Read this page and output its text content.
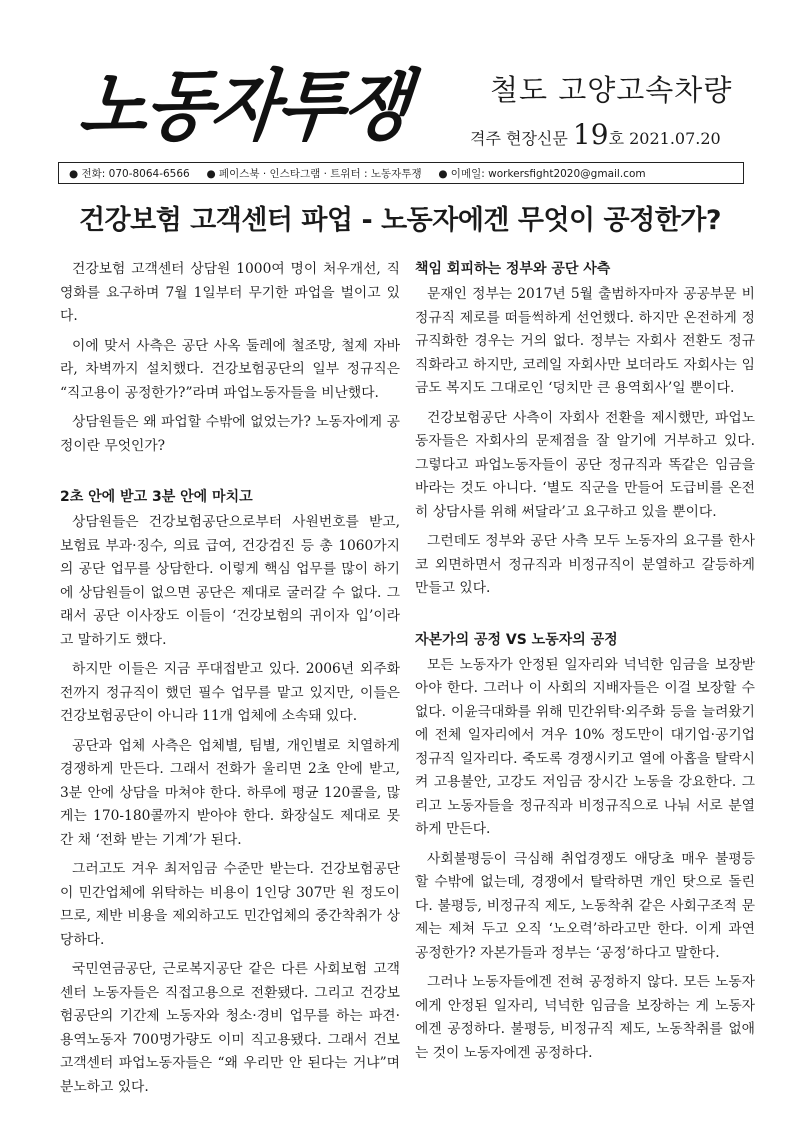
노동자투쟁	철도 고양고속차량
격주 현장신문 19호 2021.07.20
● 전화: 070-8064-6566 ● 페이스북 · 인스타그램 · 트위터 : 노동자투쟁 ● 이메일: workersfight2020@gmail.com
건강보험 고객센터 파업 - 노동자에겐 무엇이 공정한가?

건강보험 고객센터 상담원 1000여 명이 처우개선, 직영화를 요구하며 7월 1일부터 무기한 파업을 벌이고 있다.

이에 맞서 사측은 공단 사옥 둘레에 철조망, 철제 자바라, 차벽까지 설치했다. 건강보험공단의 일부 정규직은 “직고용이 공정한가?”라며 파업노동자들을 비난했다.

상담원들은 왜 파업할 수밖에 없었는가? 노동자에게 공정이란 무엇인가?

2초 안에 받고 3분 안에 마치고

상담원들은 건강보험공단으로부터 사원번호를 받고, 보험료 부과·징수, 의료 급여, 건강검진 등 총 1060가지의 공단 업무를 상담한다. 이렇게 핵심 업무를 많이 하기에 상담원들이 없으면 공단은 제대로 굴러갈 수 없다. 그래서 공단 이사장도 이들이 ‘건강보험의 귀이자 입’이라고 말하기도 했다.

하지만 이들은 지금 푸대접받고 있다. 2006년 외주화 전까지 정규직이 했던 필수 업무를 맡고 있지만, 이들은 건강보험공단이 아니라 11개 업체에 소속돼 있다.

공단과 업체 사측은 업체별, 팀별, 개인별로 치열하게 경쟁하게 만든다. 그래서 전화가 울리면 2초 안에 받고, 3분 안에 상담을 마쳐야 한다. 하루에 평균 120콜을, 많게는 170-180콜까지 받아야 한다. 화장실도 제대로 못 간 채 ‘전화 받는 기계’가 된다.

그러고도 겨우 최저임금 수준만 받는다. 건강보험공단이 민간업체에 위탁하는 비용이 1인당 307만 원 정도이므로, 제반 비용을 제외하고도 민간업체의 중간착취가 상당하다.

국민연금공단, 근로복지공단 같은 다른 사회보험 고객센터 노동자들은 직접고용으로 전환됐다. 그리고 건강보험공단의 기간제 노동자와 청소·경비 업무를 하는 파견·용역노동자 700명가량도 이미 직고용됐다. 그래서 건보 고객센터 파업노동자들은 “왜 우리만 안 된다는 거냐”며 분노하고 있다.

책임 회피하는 정부와 공단 사측

문재인 정부는 2017년 5월 출범하자마자 공공부문 비정규직 제로를 떠들썩하게 선언했다. 하지만 온전하게 정규직화한 경우는 거의 없다. 정부는 자회사 전환도 정규직화라고 하지만, 코레일 자회사만 보더라도 자회사는 임금도 복지도 그대로인 ‘덩치만 큰 용역회사’일 뿐이다.

건강보험공단 사측이 자회사 전환을 제시했만, 파업노동자들은 자회사의 문제점을 잘 알기에 거부하고 있다. 그렇다고 파업노동자들이 공단 정규직과 똑같은 임금을 바라는 것도 아니다. ‘별도 직군을 만들어 도급비를 온전히 상담사를 위해 써달라’고 요구하고 있을 뿐이다.

그런데도 정부와 공단 사측 모두 노동자의 요구를 한사코 외면하면서 정규직과 비정규직이 분열하고 갈등하게 만들고 있다.

자본가의 공정 VS 노동자의 공정

모든 노동자가 안정된 일자리와 넉넉한 임금을 보장받아야 한다. 그러나 이 사회의 지배자들은 이걸 보장할 수 없다. 이윤극대화를 위해 민간위탁·외주화 등을 늘려왔기에 전체 일자리에서 겨우 10% 정도만이 대기업·공기업 정규직 일자리다. 죽도록 경쟁시키고 열에 아홉을 탈락시켜 고용불안, 고강도 저임금 장시간 노동을 강요한다. 그리고 노동자들을 정규직과 비정규직으로 나눠 서로 분열하게 만든다.

사회불평등이 극심해 취업경쟁도 애당초 매우 불평등할 수밖에 없는데, 경쟁에서 탈락하면 개인 탓으로 돌린다. 불평등, 비정규직 제도, 노동착취 같은 사회구조적 문제는 제쳐 두고 오직 ‘노오력’하라고만 한다. 이게 과연 공정한가? 자본가들과 정부는 ‘공정’하다고 말한다.

그러나 노동자들에겐 전혀 공정하지 않다. 모든 노동자에게 안정된 일자리, 넉넉한 임금을 보장하는 게 노동자에겐 공정하다. 불평등, 비정규직 제도, 노동착취를 없애는 것이 노동자에겐 공정하다.
